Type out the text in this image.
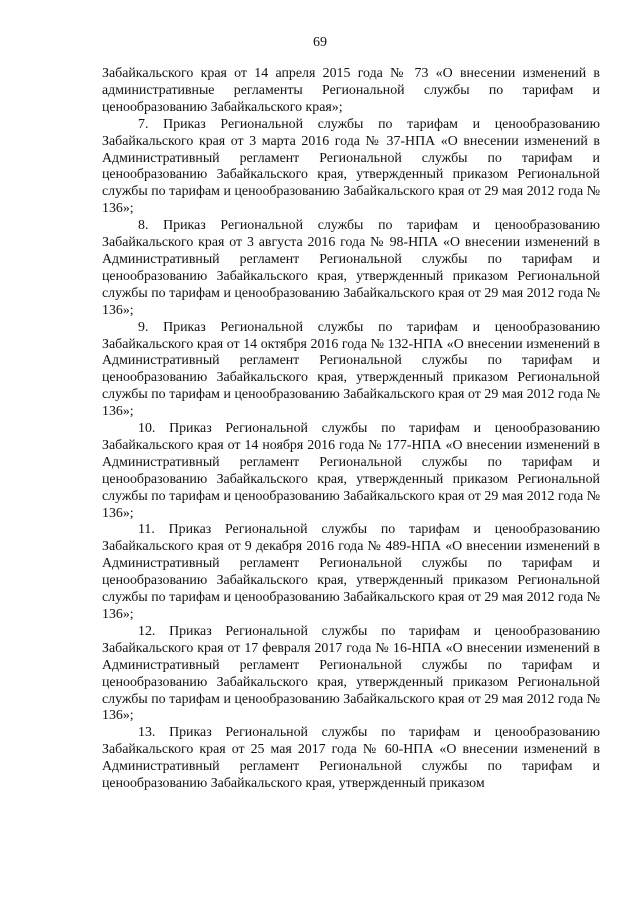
69

Забайкальского края от 14 апреля 2015 года № 73 «О внесении изменений в административные регламенты Региональной службы по тарифам и ценообразованию Забайкальского края»;

7. Приказ Региональной службы по тарифам и ценообразованию Забайкальского края от 3 марта 2016 года № 37-НПА «О внесении изменений в Административный регламент Региональной службы по тарифам и ценообразованию Забайкальского края, утвержденный приказом Региональной службы по тарифам и ценообразованию Забайкальского края от 29 мая 2012 года № 136»;

8. Приказ Региональной службы по тарифам и ценообразованию Забайкальского края от 3 августа 2016 года № 98-НПА «О внесении изменений в Административный регламент Региональной службы по тарифам и ценообразованию Забайкальского края, утвержденный приказом Региональной службы по тарифам и ценообразованию Забайкальского края от 29 мая 2012 года № 136»;

9. Приказ Региональной службы по тарифам и ценообразованию Забайкальского края от 14 октября 2016 года № 132-НПА «О внесении изменений в Административный регламент Региональной службы по тарифам и ценообразованию Забайкальского края, утвержденный приказом Региональной службы по тарифам и ценообразованию Забайкальского края от 29 мая 2012 года № 136»;

10. Приказ Региональной службы по тарифам и ценообразованию Забайкальского края от 14 ноября 2016 года № 177-НПА «О внесении изменений в Административный регламент Региональной службы по тарифам и ценообразованию Забайкальского края, утвержденный приказом Региональной службы по тарифам и ценообразованию Забайкальского края от 29 мая 2012 года № 136»;

11. Приказ Региональной службы по тарифам и ценообразованию Забайкальского края от 9 декабря 2016 года № 489-НПА «О внесении изменений в Административный регламент Региональной службы по тарифам и ценообразованию Забайкальского края, утвержденный приказом Региональной службы по тарифам и ценообразованию Забайкальского края от 29 мая 2012 года № 136»;

12. Приказ Региональной службы по тарифам и ценообразованию Забайкальского края от 17 февраля 2017 года № 16-НПА «О внесении изменений в Административный регламент Региональной службы по тарифам и ценообразованию Забайкальского края, утвержденный приказом Региональной службы по тарифам и ценообразованию Забайкальского края от 29 мая 2012 года № 136»;

13. Приказ Региональной службы по тарифам и ценообразованию Забайкальского края от 25 мая 2017 года № 60-НПА «О внесении изменений в Административный регламент Региональной службы по тарифам и ценообразованию Забайкальского края, утвержденный приказом
